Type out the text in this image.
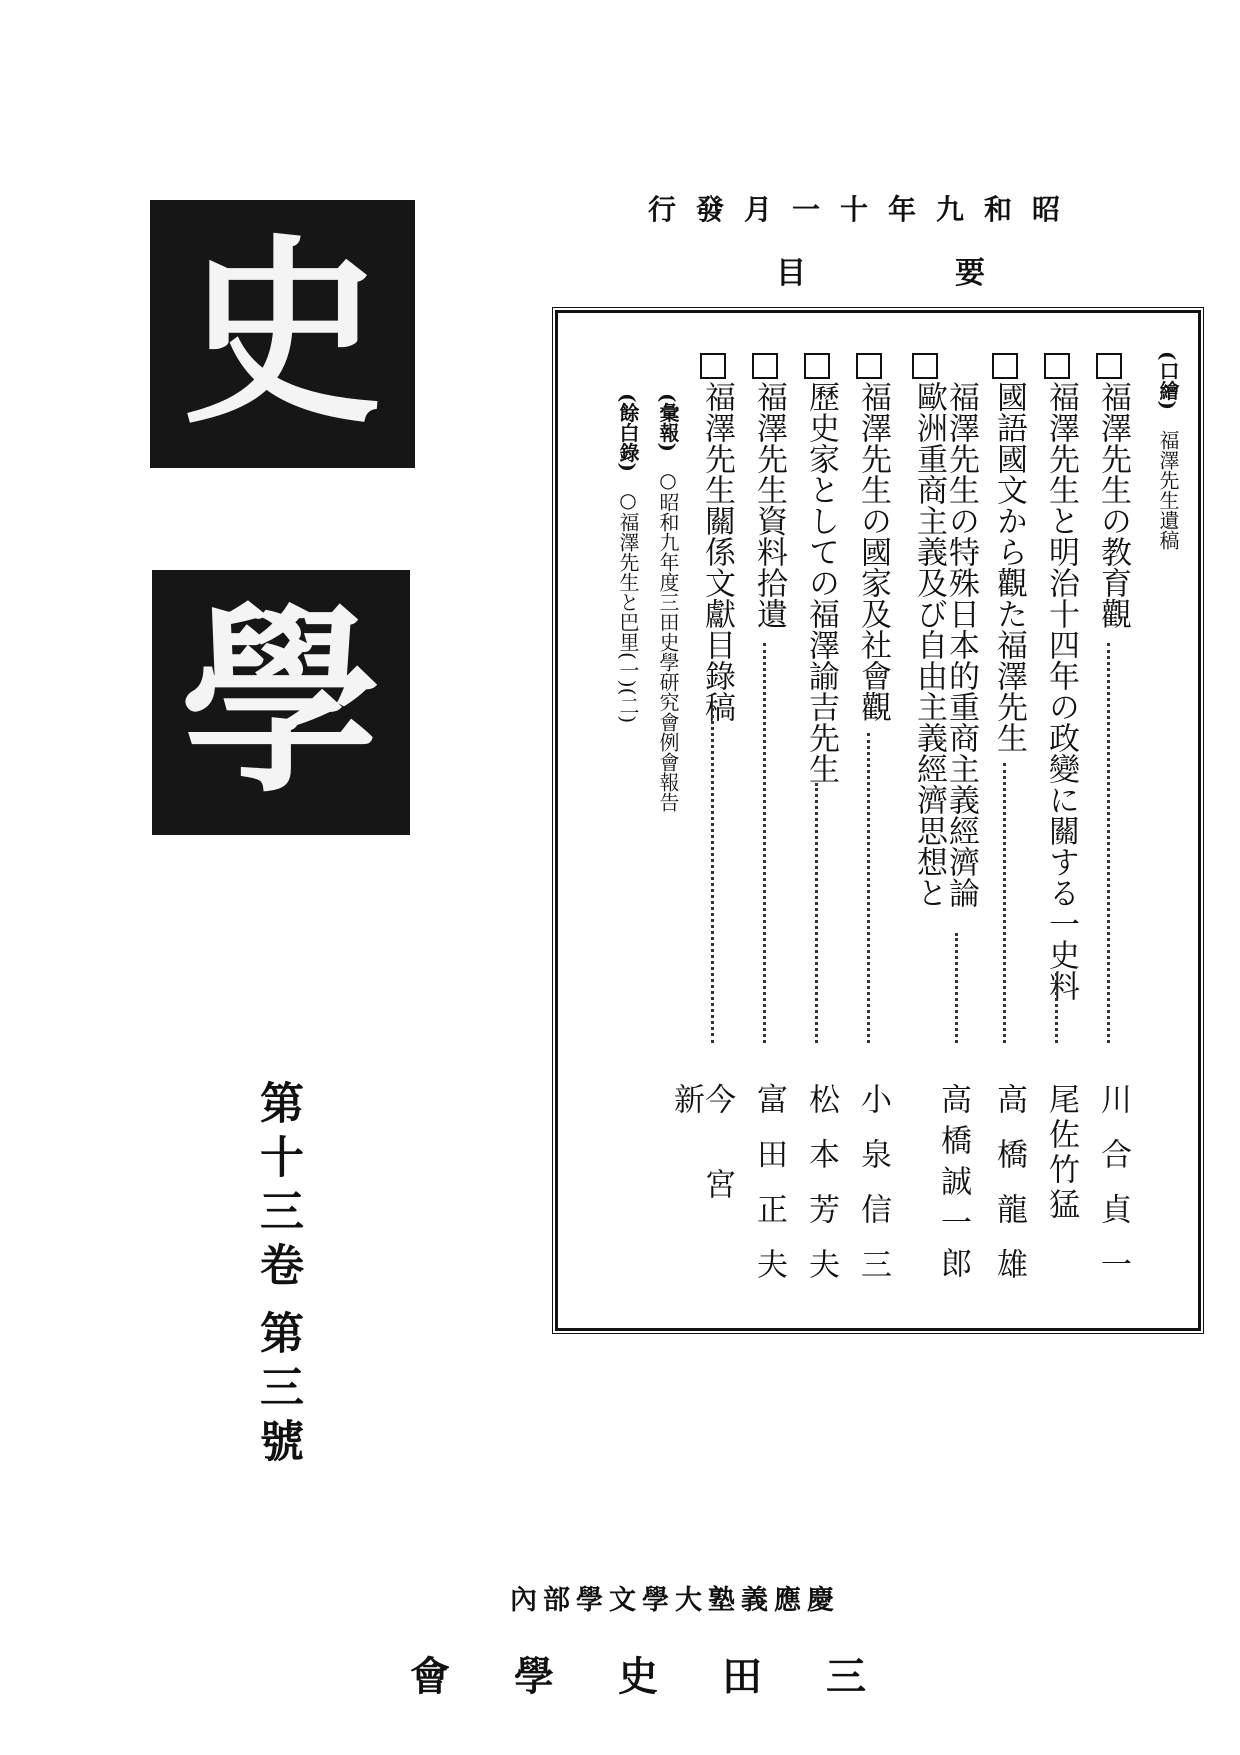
史
學
第十三卷
第三號
昭和九年十一月發行
要
目
(口繪) 福澤先生遺稿
福澤先生の教育觀
川合貞一
福澤先生と明治十四年の政變に關する一史料
尾佐竹猛
國語國文から觀た福澤先生
高橋龍雄
歐洲重商主義及び自由主義經濟思想と
福澤先生の特殊日本的重商主義經濟論
高橋誠一郎
福澤先生の國家及社會觀
小泉信三
歷史家としての福澤諭吉先生
松本芳夫
福澤先生資料拾遺
富田正夫
福澤先生關係文獻目錄稿
今宮新
(彙報) ○昭和九年度三田史學研究會例會報告
(餘白錄) ○福澤先生と巴里(一)(二)
慶應義塾大學文學部內
三田史學會
